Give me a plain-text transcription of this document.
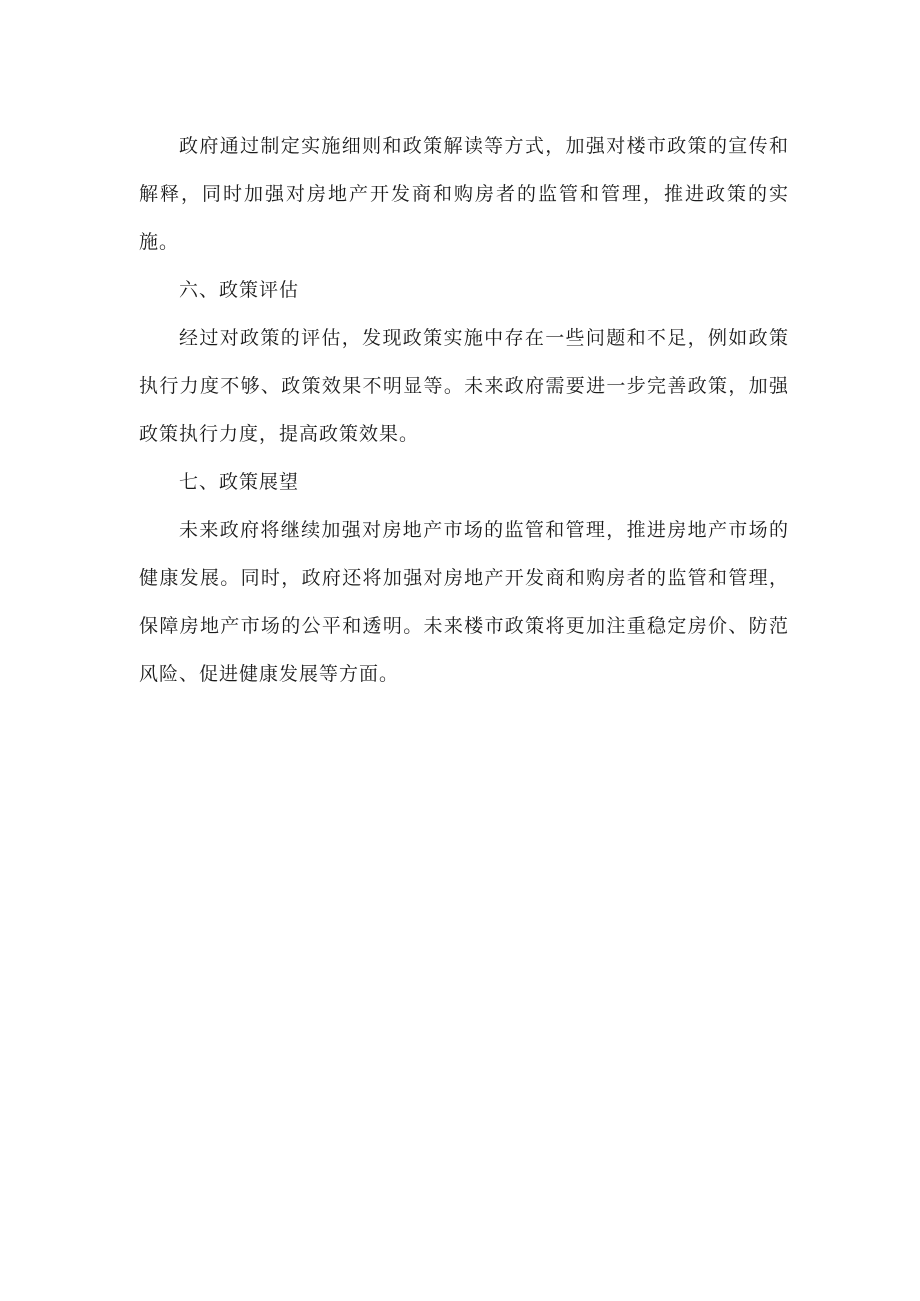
政府通过制定实施细则和政策解读等方式，加强对楼市政策的宣传和解释，同时加强对房地产开发商和购房者的监管和管理，推进政策的实施。

六、政策评估

经过对政策的评估，发现政策实施中存在一些问题和不足，例如政策执行力度不够、政策效果不明显等。未来政府需要进一步完善政策，加强政策执行力度，提高政策效果。

七、政策展望

未来政府将继续加强对房地产市场的监管和管理，推进房地产市场的健康发展。同时，政府还将加强对房地产开发商和购房者的监管和管理，保障房地产市场的公平和透明。未来楼市政策将更加注重稳定房价、防范风险、促进健康发展等方面。
